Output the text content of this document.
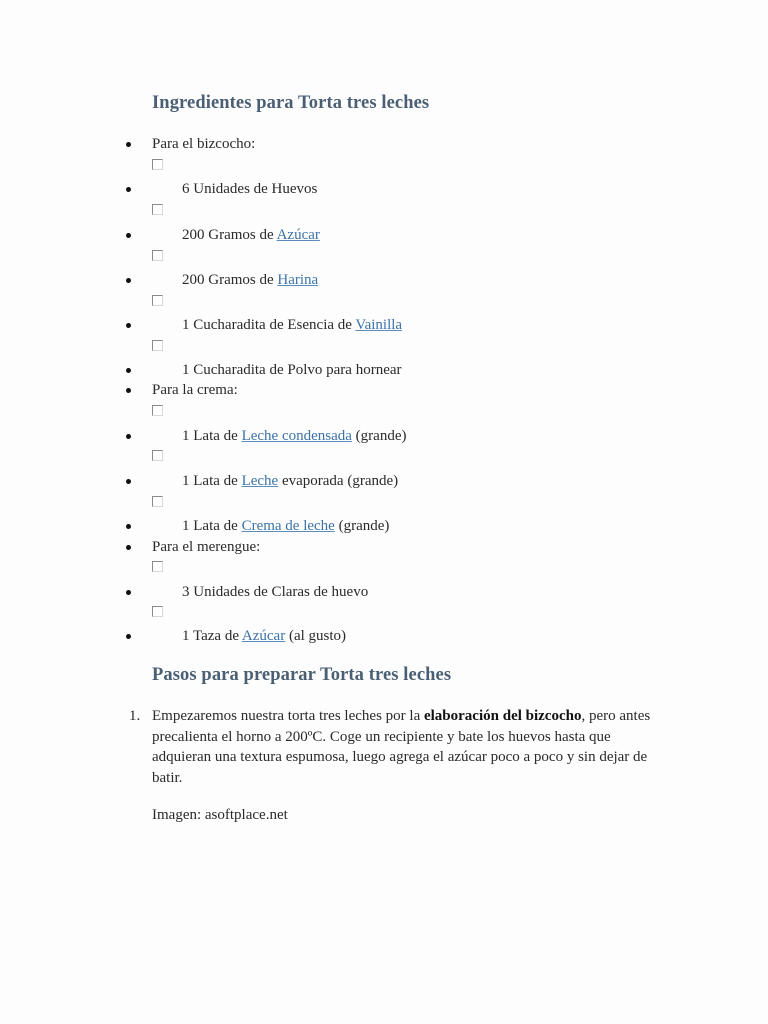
Ingredientes para Torta tres leches
Para el bizcocho:
6 Unidades de Huevos
200 Gramos de Azúcar
200 Gramos de Harina
1 Cucharadita de Esencia de Vainilla
1 Cucharadita de Polvo para hornear
Para la crema:
1 Lata de Leche condensada (grande)
1 Lata de Leche evaporada (grande)
1 Lata de Crema de leche (grande)
Para el merengue:
3 Unidades de Claras de huevo
1 Taza de Azúcar (al gusto)
Pasos para preparar Torta tres leches
1. Empezaremos nuestra torta tres leches por la elaboración del bizcocho, pero antes precalienta el horno a 200ºC. Coge un recipiente y bate los huevos hasta que adquieran una textura espumosa, luego agrega el azúcar poco a poco y sin dejar de batir.
Imagen: asoftplace.net
